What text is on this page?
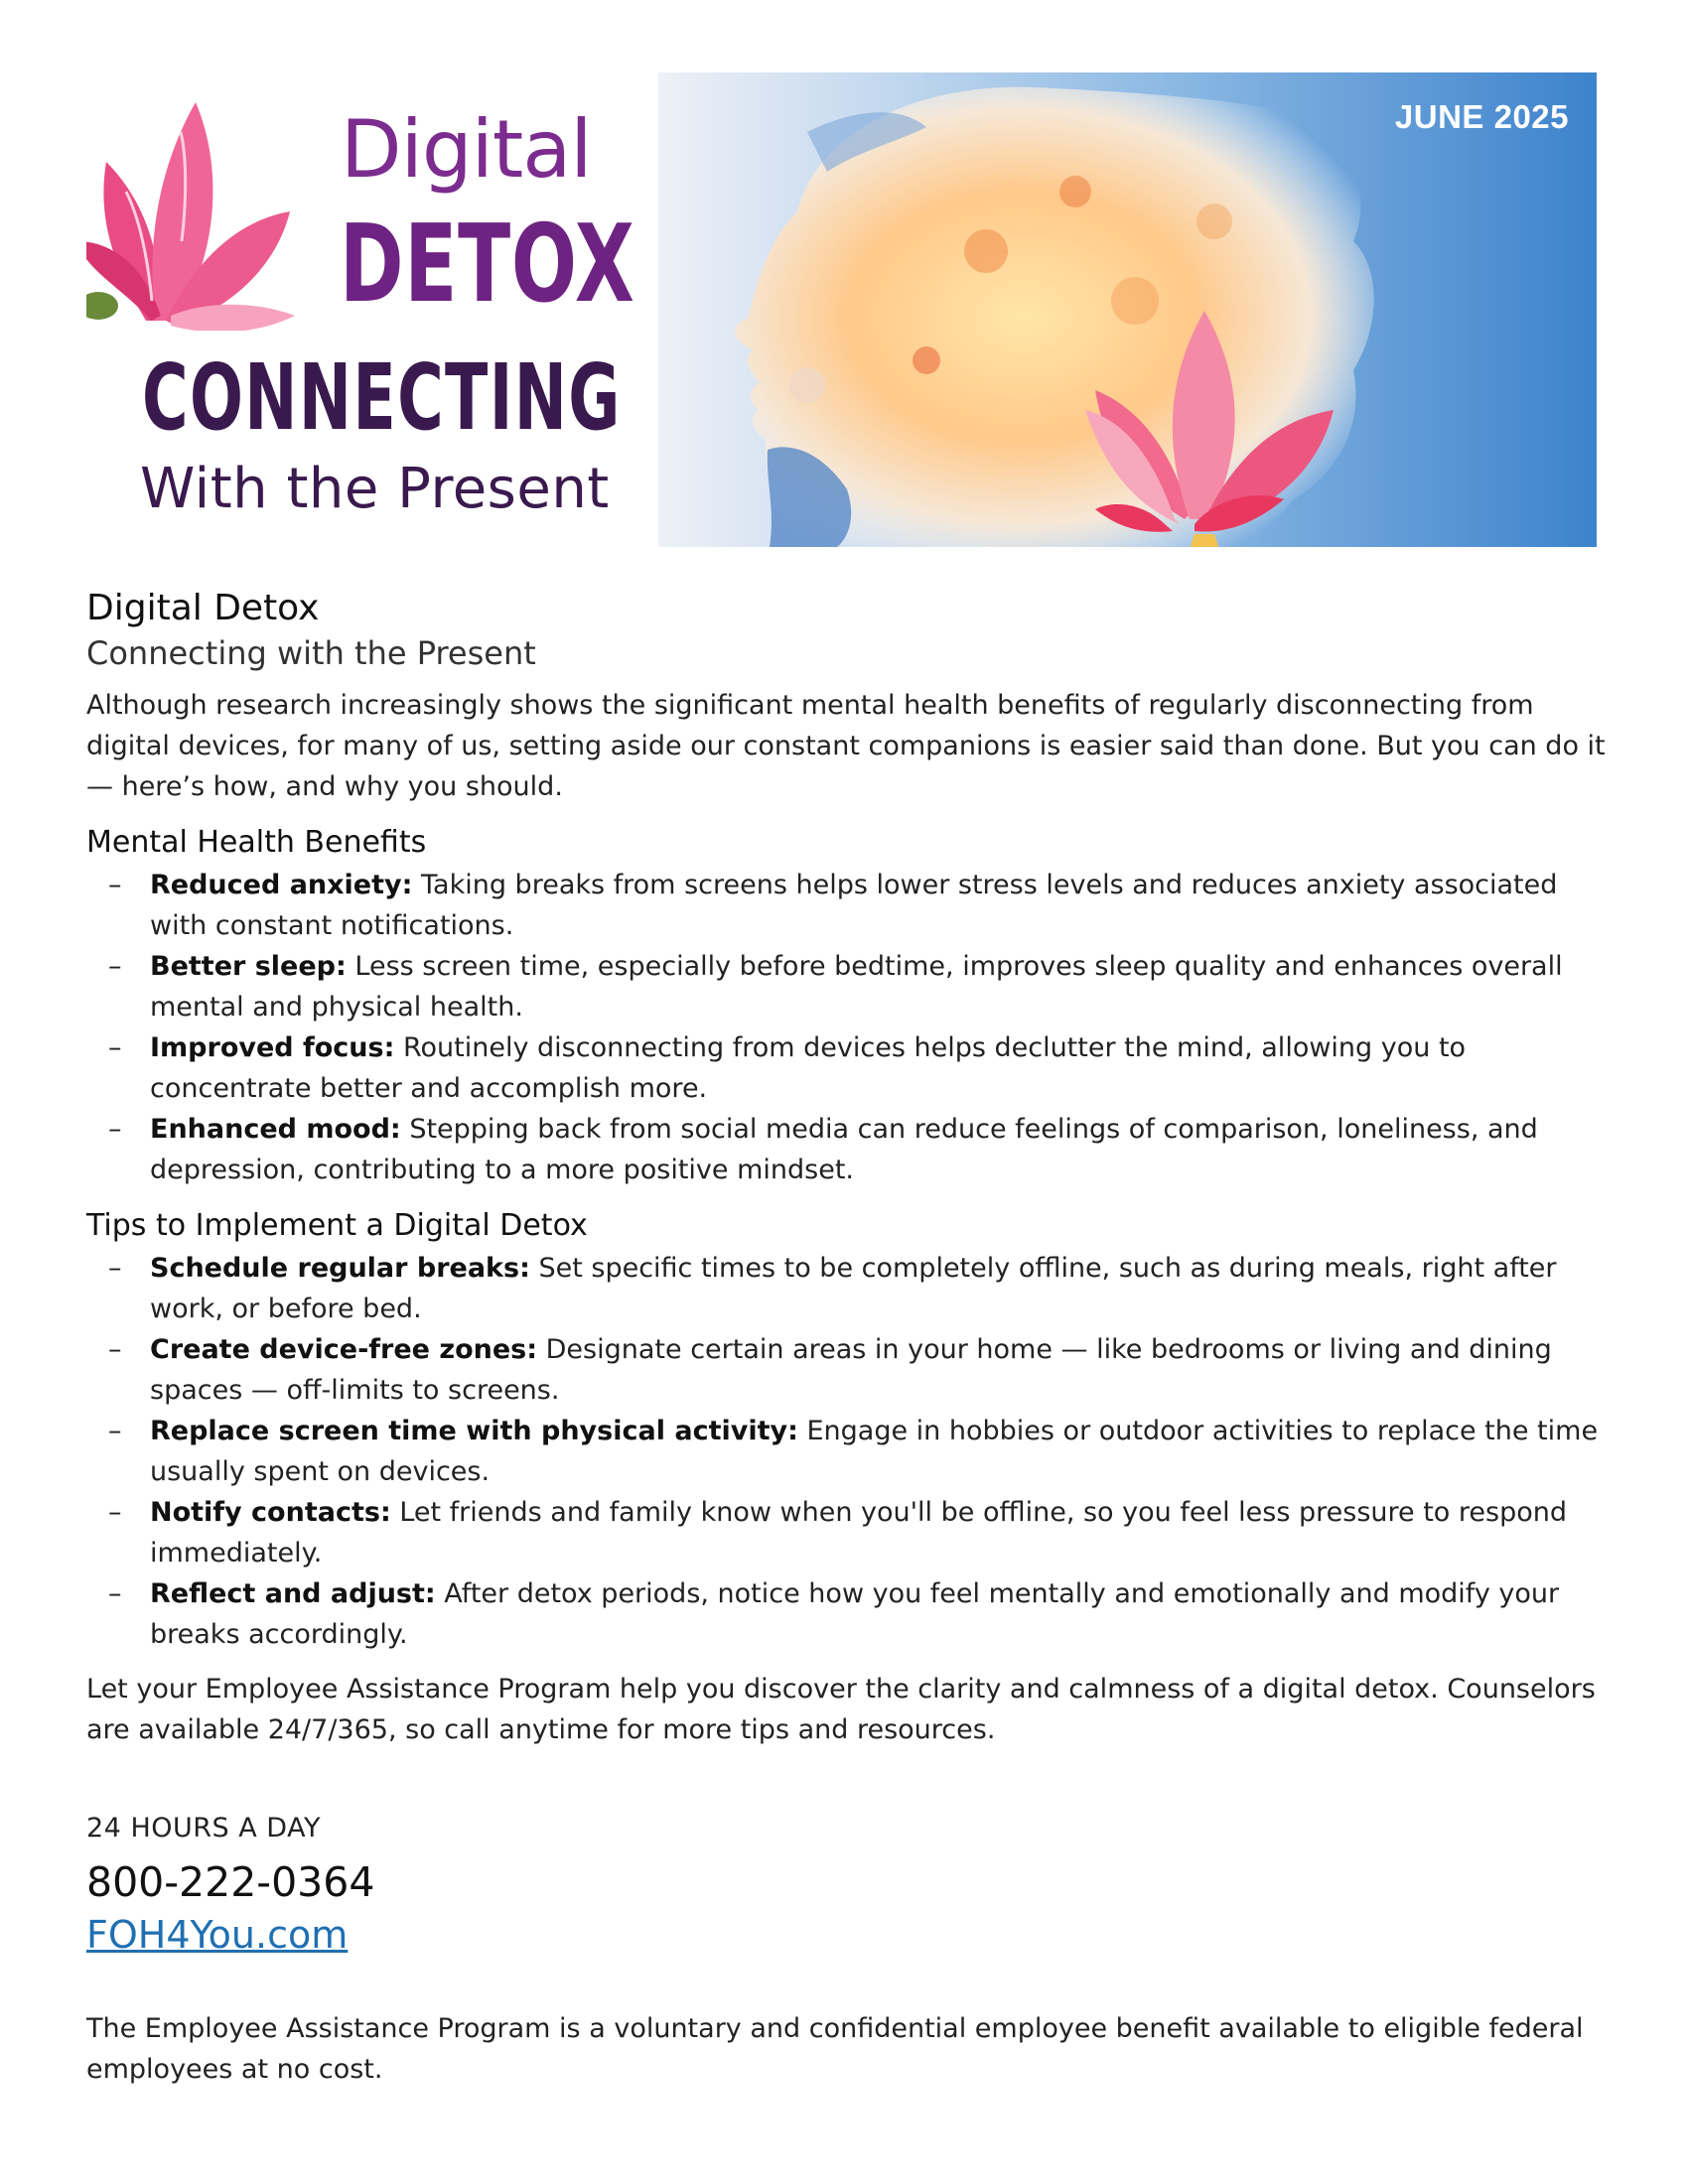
Digital
DETOX
CONNECTING
With the Present
JUNE 2025
Digital Detox
Connecting with the Present

Although research increasingly shows the significant mental health benefits of regularly disconnecting from digital devices, for many of us, setting aside our constant companions is easier said than done. But you can do it — here’s how, and why you should.

Mental Health Benefits
– Reduced anxiety: Taking breaks from screens helps lower stress levels and reduces anxiety associated with constant notifications.
– Better sleep: Less screen time, especially before bedtime, improves sleep quality and enhances overall mental and physical health.
– Improved focus: Routinely disconnecting from devices helps declutter the mind, allowing you to concentrate better and accomplish more.
– Enhanced mood: Stepping back from social media can reduce feelings of comparison, loneliness, and depression, contributing to a more positive mindset.
Tips to Implement a Digital Detox
– Schedule regular breaks: Set specific times to be completely offline, such as during meals, right after work, or before bed.
– Create device-free zones: Designate certain areas in your home — like bedrooms or living and dining spaces — off-limits to screens.
– Replace screen time with physical activity: Engage in hobbies or outdoor activities to replace the time usually spent on devices.
– Notify contacts: Let friends and family know when you'll be offline, so you feel less pressure to respond immediately.
– Reflect and adjust: After detox periods, notice how you feel mentally and emotionally and modify your breaks accordingly.

Let your Employee Assistance Program help you discover the clarity and calmness of a digital detox. Counselors are available 24/7/365, so call anytime for more tips and resources.

24 HOURS A DAY
800-222-0364
FOH4You.com
The Employee Assistance Program is a voluntary and confidential employee benefit available to eligible federal employees at no cost.
